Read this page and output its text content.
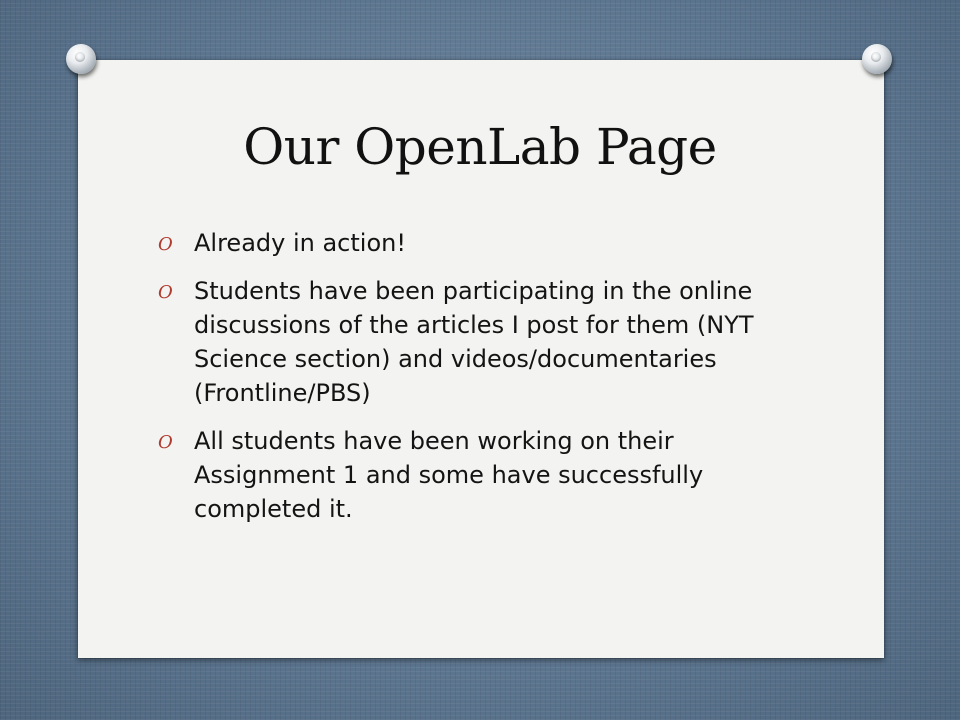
Our OpenLab Page
O Already in action!
O Students have been participating in the online discussions of the articles I post for them (NYT Science section) and videos/documentaries (Frontline/PBS)
O All students have been working on their Assignment 1 and some have successfully completed it.
